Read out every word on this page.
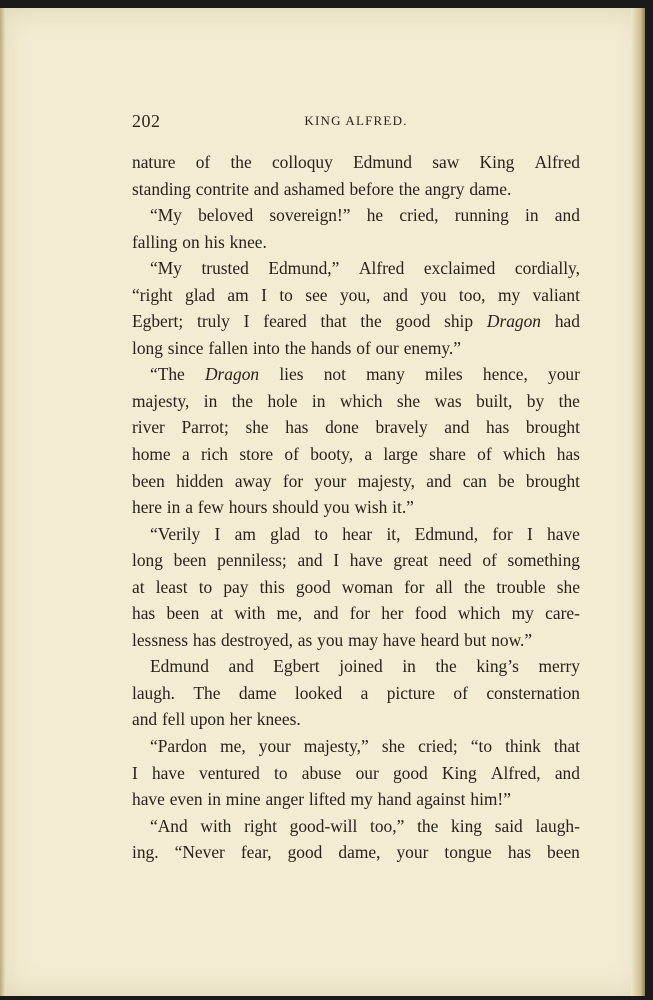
202	KING ALFRED.
nature of the colloquy Edmund saw King Alfred
standing contrite and ashamed before the angry dame.
“My beloved sovereign!” he cried, running in and
falling on his knee.
“My trusted Edmund,” Alfred exclaimed cordially,
“right glad am I to see you, and you too, my valiant
Egbert; truly I feared that the good ship Dragon had
long since fallen into the hands of our enemy.”
“The Dragon lies not many miles hence, your
majesty, in the hole in which she was built, by the
river Parrot; she has done bravely and has brought
home a rich store of booty, a large share of which has
been hidden away for your majesty, and can be brought
here in a few hours should you wish it.”
“Verily I am glad to hear it, Edmund, for I have
long been penniless; and I have great need of something
at least to pay this good woman for all the trouble she
has been at with me, and for her food which my care-
lessness has destroyed, as you may have heard but now.”
Edmund and Egbert joined in the king’s merry
laugh. The dame looked a picture of consternation
and fell upon her knees.
“Pardon me, your majesty,” she cried; “to think that
I have ventured to abuse our good King Alfred, and
have even in mine anger lifted my hand against him!”
“And with right good-will too,” the king said laugh-
ing. “Never fear, good dame, your tongue has been
